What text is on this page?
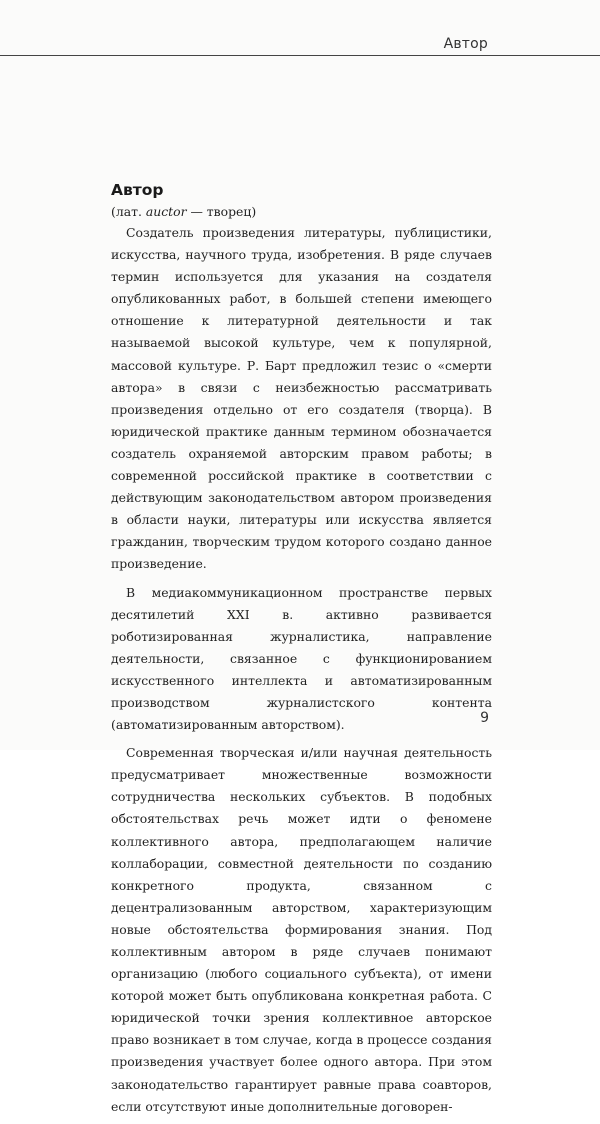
Автор
Автор
(лат. auctor — творец)

Создатель произведения литературы, публицистики, искусства, научного труда, изобретения. В ряде случаев термин используется для указания на создателя опубликованных работ, в большей степени имеющего отношение к литературной деятельности и так называемой высокой культуре, чем к популярной, массовой культуре. Р. Барт предложил тезис о «смерти автора» в связи с неизбежностью рассматривать произведения отдельно от его создателя (творца). В юридической практике данным термином обозначается создатель охраняемой авторским правом работы; в современной российской практике в соответствии с действующим законодательством автором произведения в области науки, литературы или искусства является гражданин, творческим трудом которого создано данное произведение.

В медиакоммуникационном пространстве первых десятилетий XXI в. активно развивается роботизированная журналистика, направление деятельности, связанное с функционированием искусственного интеллекта и автоматизированным производством журналистского контента (автоматизированным авторством).

Современная творческая и/или научная деятельность предусматривает множественные возможности сотрудничества нескольких субъектов. В подобных обстоятельствах речь может идти о феномене коллективного автора, предполагающем наличие коллаборации, совместной деятельности по созданию конкретного продукта, связанном с децентрализованным авторством, характеризующим новые обстоятельства формирования знания. Под коллективным автором в ряде случаев понимают организацию (любого социального субъекта), от имени которой может быть опубликована конкретная работа. С юридической точки зрения коллективное авторское право возникает в том случае, когда в процессе создания произведения участвует более одного автора. При этом законодательство гарантирует равные права соавторов, если отсутствуют иные дополнительные договорен-

9
